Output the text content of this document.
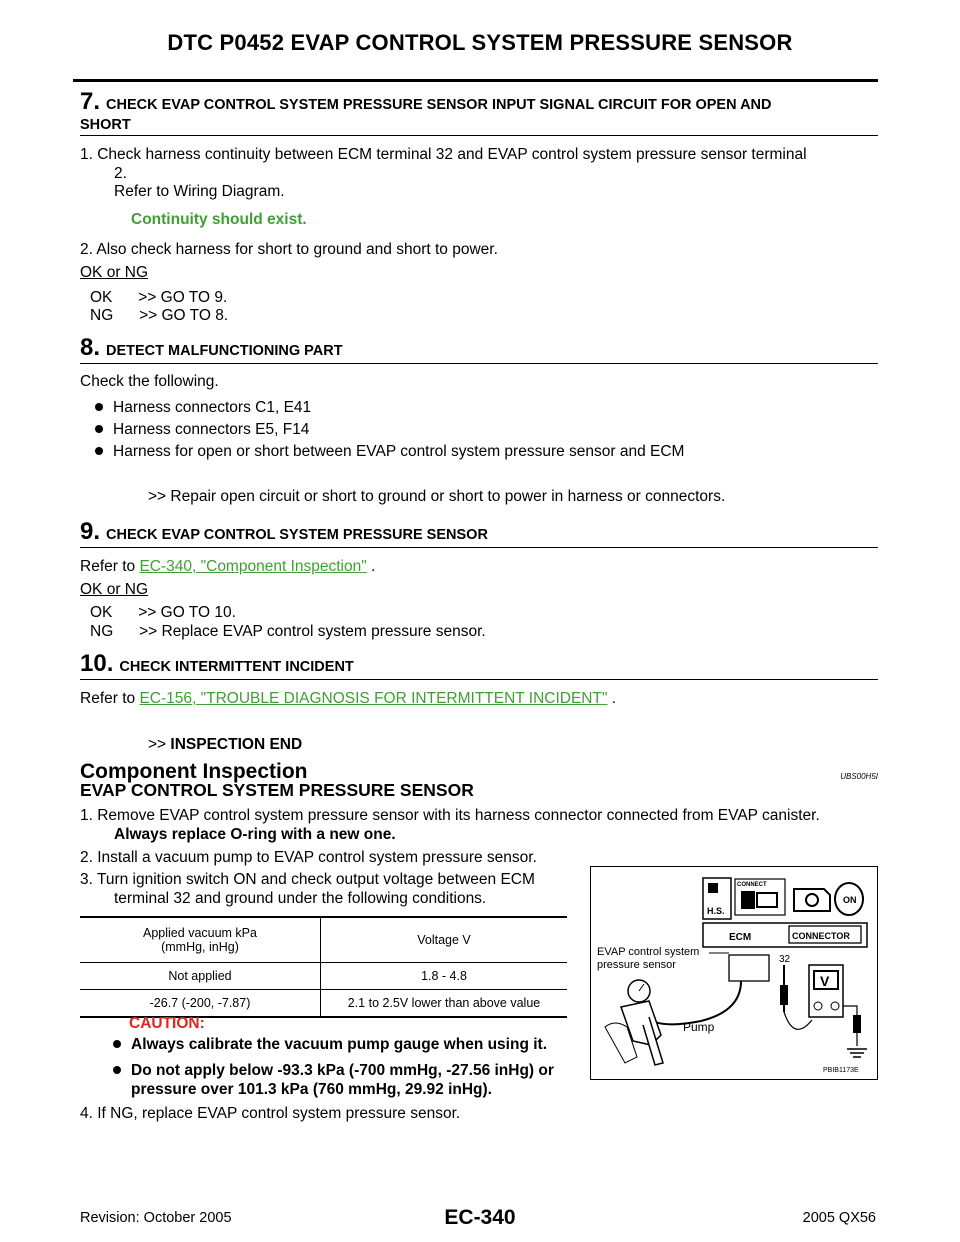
DTC P0452 EVAP CONTROL SYSTEM PRESSURE SENSOR
7. CHECK EVAP CONTROL SYSTEM PRESSURE SENSOR INPUT SIGNAL CIRCUIT FOR OPEN AND
SHORT
1. Check harness continuity between ECM terminal 32 and EVAP control system pressure sensor terminal
2.
Refer to Wiring Diagram.
Continuity should exist.
2. Also check harness for short to ground and short to power.
OK or NG
OK      >> GO TO 9.
NG      >> GO TO 8.
8. DETECT MALFUNCTIONING PART
Check the following.
Harness connectors C1, E41
Harness connectors E5, F14
Harness for open or short between EVAP control system pressure sensor and ECM
>> Repair open circuit or short to ground or short to power in harness or connectors.
9. CHECK EVAP CONTROL SYSTEM PRESSURE SENSOR
Refer to EC-340, "Component Inspection" .
OK or NG
OK      >> GO TO 10.
NG      >> Replace EVAP control system pressure sensor.
10. CHECK INTERMITTENT INCIDENT
Refer to EC-156, "TROUBLE DIAGNOSIS FOR INTERMITTENT INCIDENT" .
>> INSPECTION END
Component Inspection	UBS00H5I
EVAP CONTROL SYSTEM PRESSURE SENSOR
1. Remove EVAP control system pressure sensor with its harness connector connected from EVAP canister.
Always replace O-ring with a new one.
2. Install a vacuum pump to EVAP control system pressure sensor.
3. Turn ignition switch ON and check output voltage between ECM
terminal 32 and ground under the following conditions.
Applied vacuum kPa
(mmHg, inHg)	Voltage V
Not applied	1.8 - 4.8
-26.7 (-200, -7.87)	2.1 to 2.5V lower than above value
CAUTION:
Always calibrate the vacuum pump gauge when using it.
Do not apply below -93.3 kPa (-700 mmHg, -27.56 inHg) or
pressure over 101.3 kPa (760 mmHg, 29.92 inHg).
4. If NG, replace EVAP control system pressure sensor.
H.S.
CONNECT
ON
ECM	CONNECTOR
EVAP control system
pressure sensor	32
V
Pump
PBIB1173E
Revision: October 2005	EC-340	2005 QX56
